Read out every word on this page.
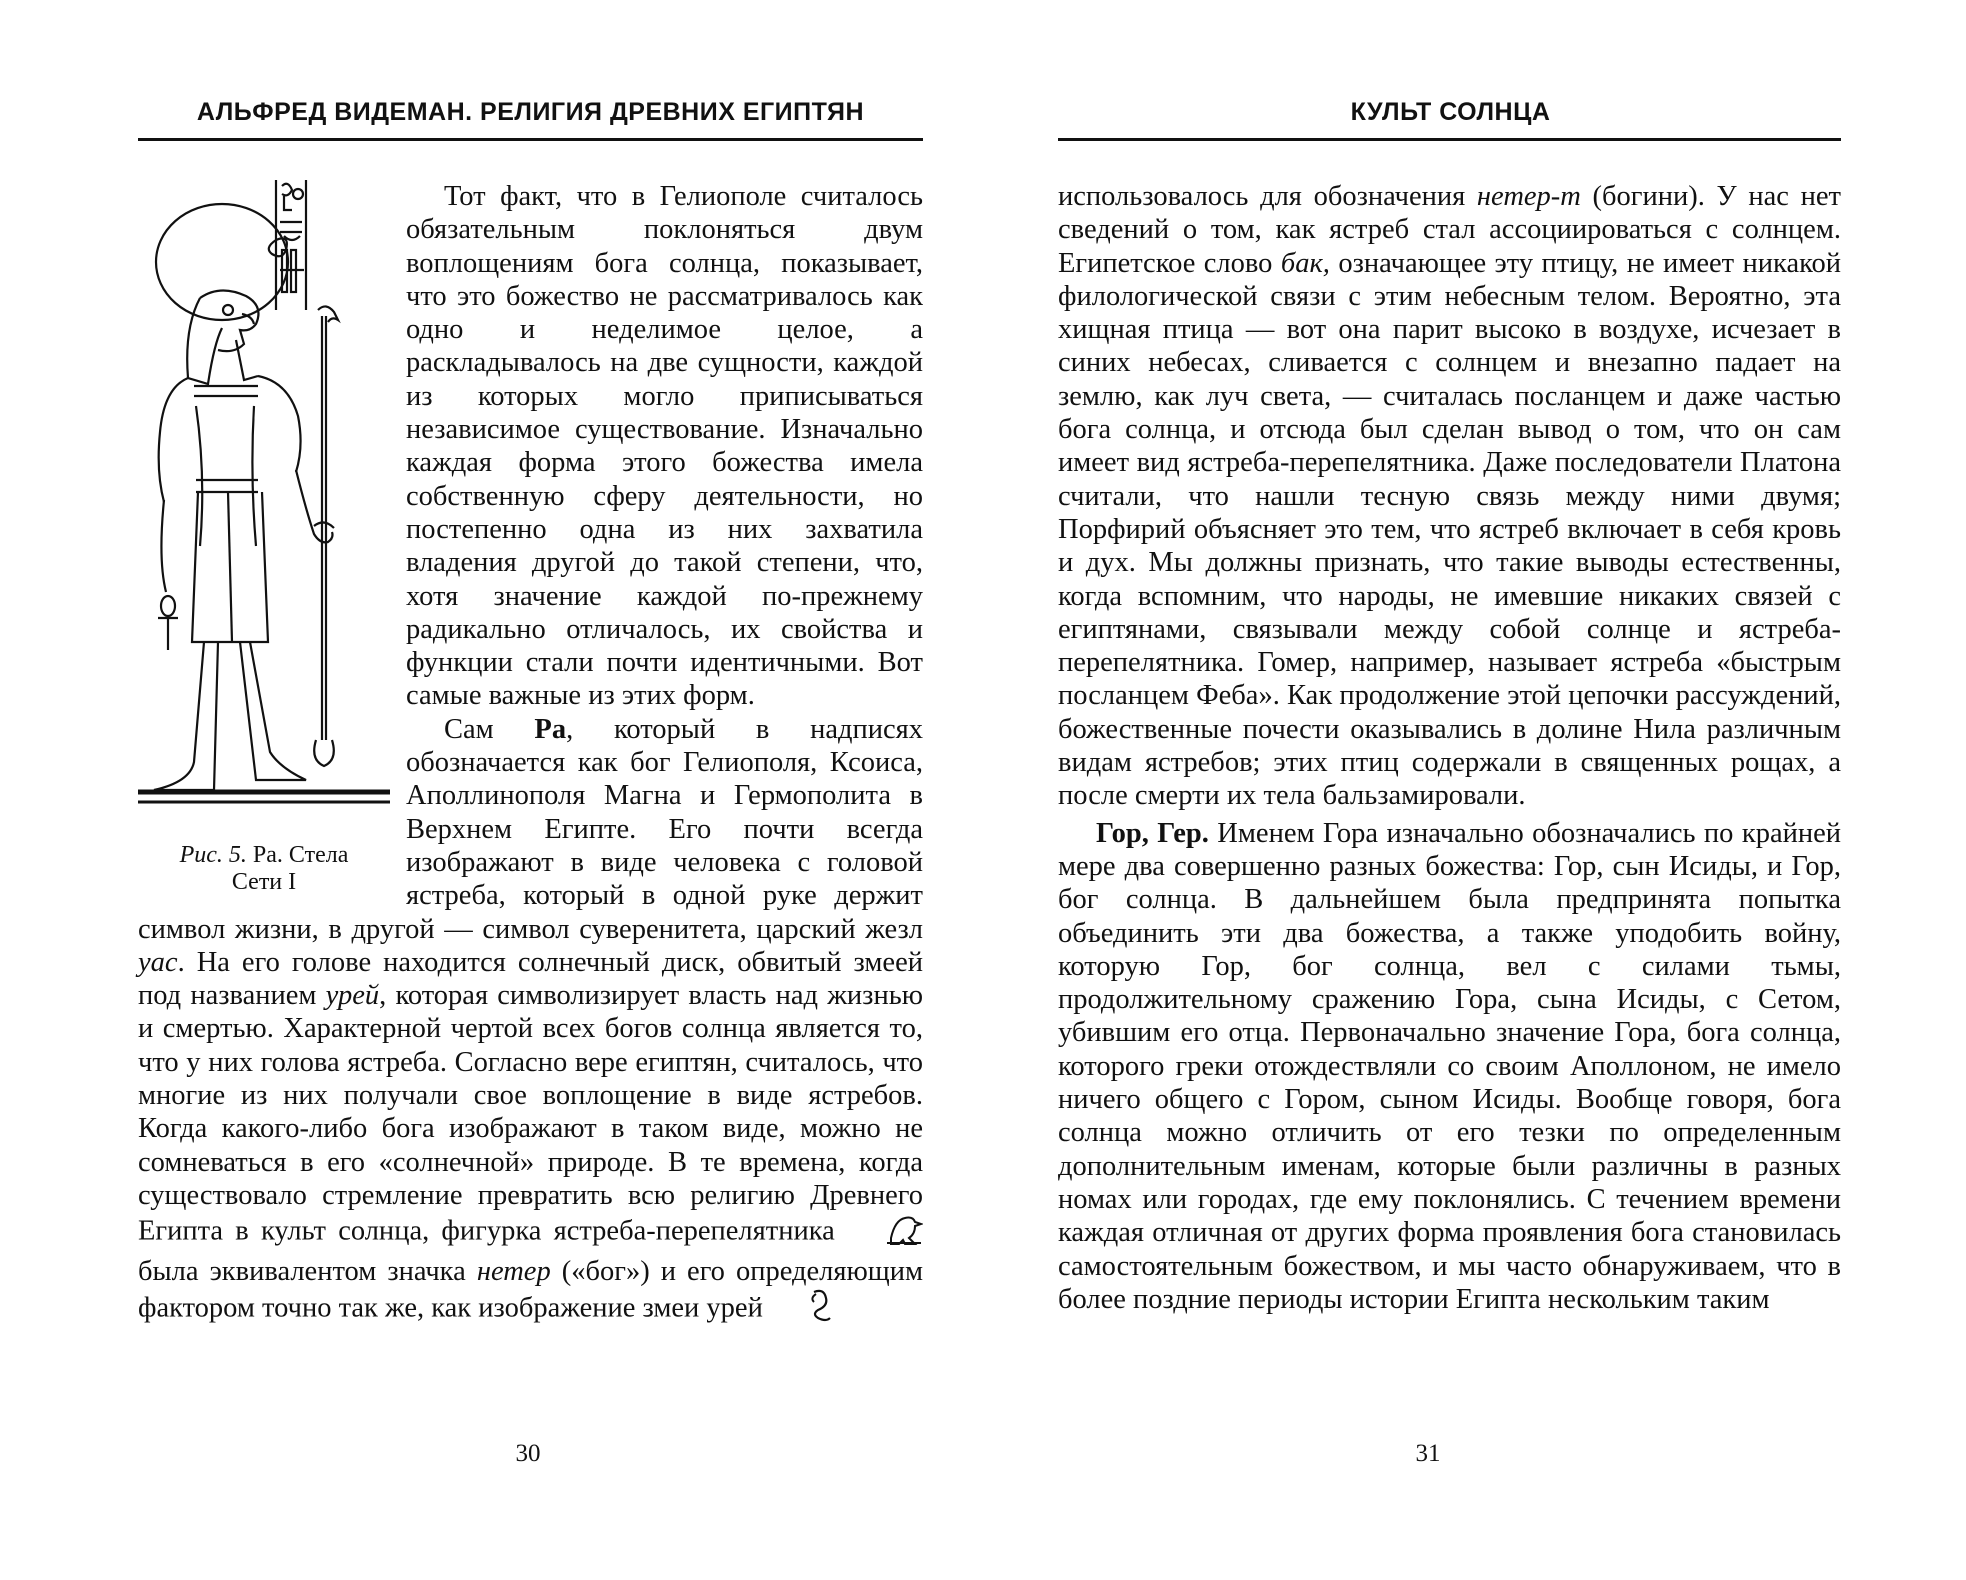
АЛЬФРЕД ВИДЕМАН. РЕЛИГИЯ ДРЕВНИХ ЕГИПТЯН
Рис. 5. Ра. Стела
Сети I

Тот факт, что в Гелиополе считалось обязательным поклоняться двум воплощениям бога солнца, показывает, что это божество не рассматривалось как одно и неделимое целое, а раскладывалось на две сущности, каждой из которых могло приписываться независимое существование. Изначально каждая форма этого божества имела собственную сферу деятельности, но постепенно одна из них захватила владения другой до такой степени, что, хотя значение каждой по-прежнему радикально отличалось, их свойства и функции стали почти идентичными. Вот самые важные из этих форм.

Сам Ра, который в надписях обозначается как бог Гелиополя, Ксоиса, Аполлинополя Магна и Гермополита в Верхнем Египте. Его почти всегда изображают в виде человека с головой ястреба, который в одной руке держит символ жизни, в другой — символ суверенитета, царский жезл уас. На его голове находится солнечный диск, обвитый змеей под названием урей, которая символизирует власть над жизнью и смертью. Характерной чертой всех богов солнца является то, что у них голова ястреба. Согласно вере египтян, считалось, что многие из них получали свое воплощение в виде ястребов. Когда какого-либо бога изображают в таком виде, можно не сомневаться в его «солнечной» природе. В те времена, когда существовало стремление превратить всю религию Древнего Египта в культ солнца, фигурка ястреба-перепелятника  была эквивалентом значка нетер («бог») и его определяющим фактором точно так же, как изображение змеи урей

30
КУЛЬТ СОЛНЦА

использовалось для обозначения нетер-т (богини). У нас нет сведений о том, как ястреб стал ассоциироваться с солнцем. Египетское слово бак, означающее эту птицу, не имеет никакой филологической связи с этим небесным телом. Вероятно, эта хищная птица — вот она парит высоко в воздухе, исчезает в синих небесах, сливается с солнцем и внезапно падает на землю, как луч света, — считалась посланцем и даже частью бога солнца, и отсюда был сделан вывод о том, что он сам имеет вид ястреба-перепелятника. Даже последователи Платона считали, что нашли тесную связь между ними двумя; Порфирий объясняет это тем, что ястреб включает в себя кровь и дух. Мы должны признать, что такие выводы естественны, когда вспомним, что народы, не имевшие никаких связей с египтянами, связывали между собой солнце и ястреба-перепелятника. Гомер, например, называет ястреба «быстрым посланцем Феба». Как продолжение этой цепочки рассуждений, божественные почести оказывались в долине Нила различным видам ястребов; этих птиц содержали в священных рощах, а после смерти их тела бальзамировали.

Гор, Гер. Именем Гора изначально обозначались по крайней мере два совершенно разных божества: Гор, сын Исиды, и Гор, бог солнца. В дальнейшем была предпринята попытка объединить эти два божества, а также уподобить войну, которую Гор, бог солнца, вел с силами тьмы, продолжительному сражению Гора, сына Исиды, с Сетом, убившим его отца. Первоначально значение Гора, бога солнца, которого греки отождествляли со своим Аполлоном, не имело ничего общего с Гором, сыном Исиды. Вообще говоря, бога солнца можно отличить от его тезки по определенным дополнительным именам, которые были различны в разных номах или городах, где ему поклонялись. С течением времени каждая отличная от других форма проявления бога становилась самостоятельным божеством, и мы часто обнаруживаем, что в более поздние периоды истории Египта нескольким таким

31
